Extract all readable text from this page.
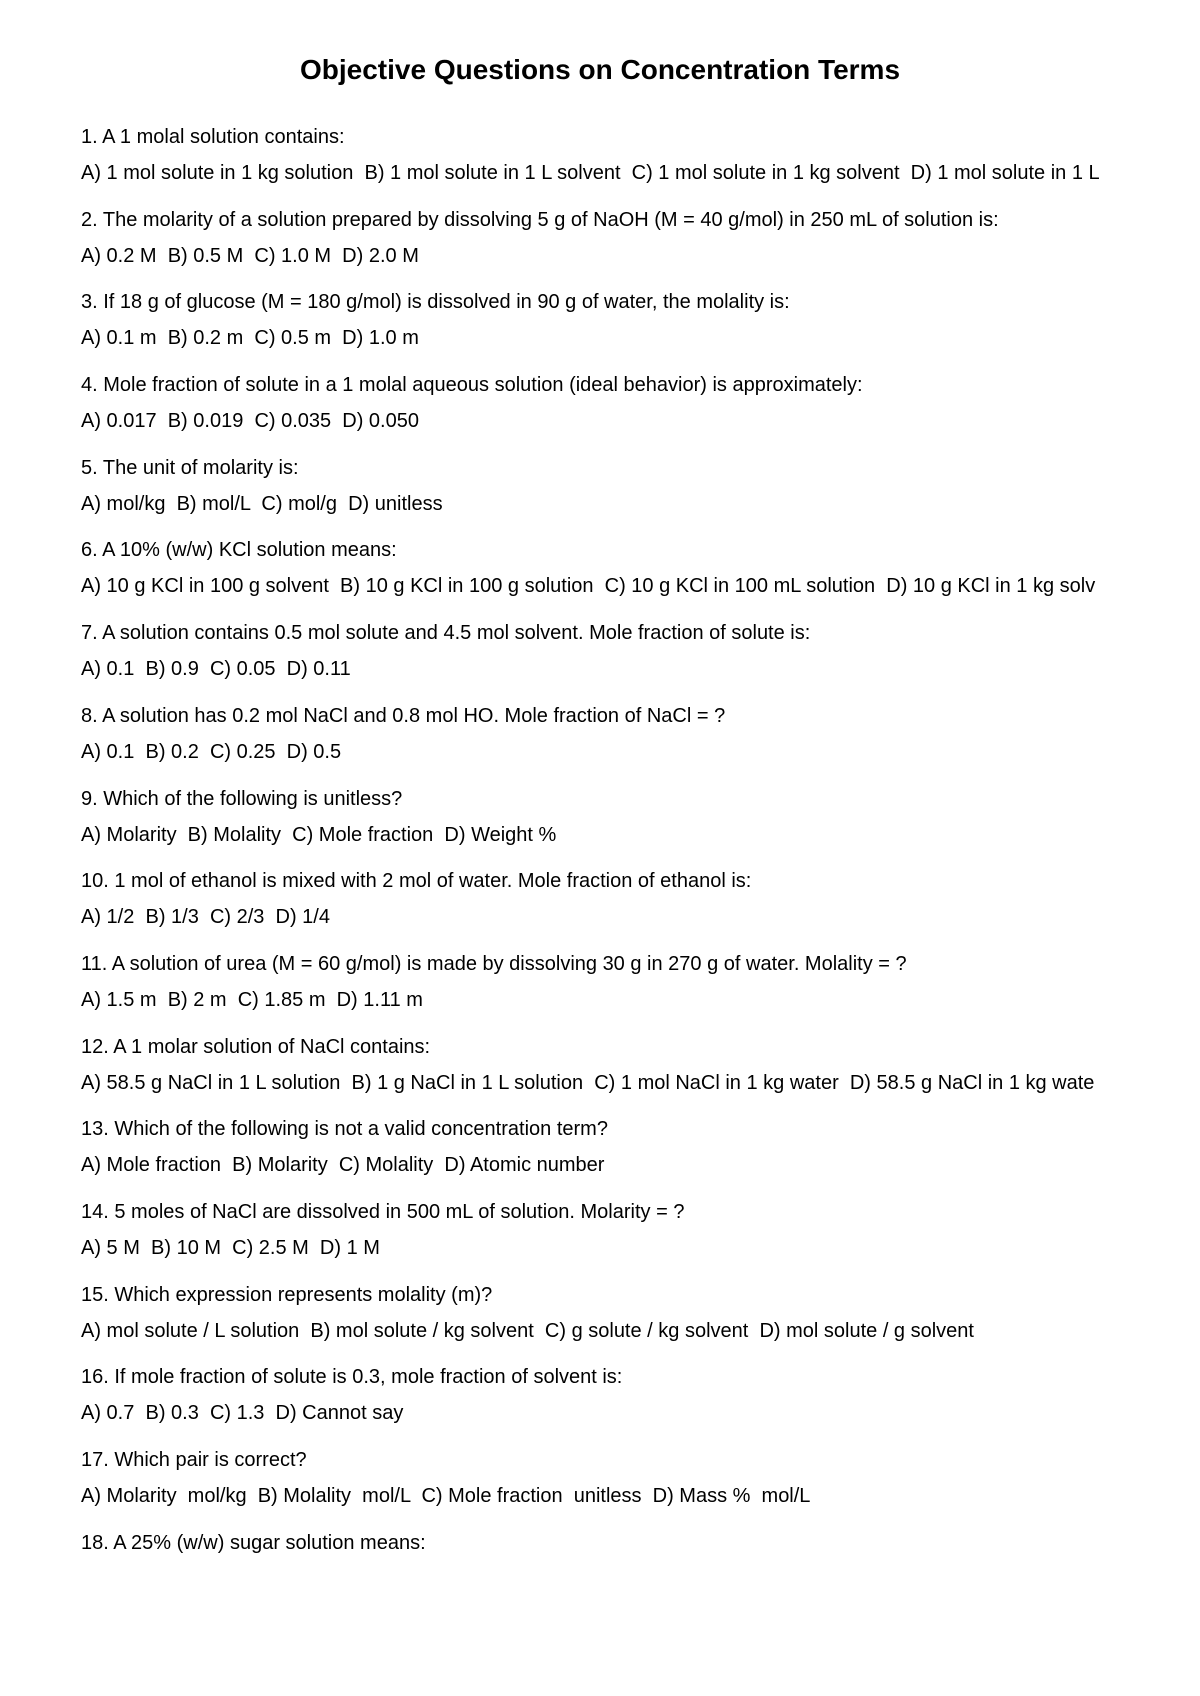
Objective Questions on Concentration Terms
1. A 1 molal solution contains:
A) 1 mol solute in 1 kg solution  B) 1 mol solute in 1 L solvent  C) 1 mol solute in 1 kg solvent  D) 1 mol solute in 1 L
2. The molarity of a solution prepared by dissolving 5 g of NaOH (M = 40 g/mol) in 250 mL of solution is:
A) 0.2 M  B) 0.5 M  C) 1.0 M  D) 2.0 M
3. If 18 g of glucose (M = 180 g/mol) is dissolved in 90 g of water, the molality is:
A) 0.1 m  B) 0.2 m  C) 0.5 m  D) 1.0 m
4. Mole fraction of solute in a 1 molal aqueous solution (ideal behavior) is approximately:
A) 0.017  B) 0.019  C) 0.035  D) 0.050
5. The unit of molarity is:
A) mol/kg  B) mol/L  C) mol/g  D) unitless
6. A 10% (w/w) KCl solution means:
A) 10 g KCl in 100 g solvent  B) 10 g KCl in 100 g solution  C) 10 g KCl in 100 mL solution  D) 10 g KCl in 1 kg solv
7. A solution contains 0.5 mol solute and 4.5 mol solvent. Mole fraction of solute is:
A) 0.1  B) 0.9  C) 0.05  D) 0.11
8. A solution has 0.2 mol NaCl and 0.8 mol HO. Mole fraction of NaCl = ?
A) 0.1  B) 0.2  C) 0.25  D) 0.5
9. Which of the following is unitless?
A) Molarity  B) Molality  C) Mole fraction  D) Weight %
10. 1 mol of ethanol is mixed with 2 mol of water. Mole fraction of ethanol is:
A) 1/2  B) 1/3  C) 2/3  D) 1/4
11. A solution of urea (M = 60 g/mol) is made by dissolving 30 g in 270 g of water. Molality = ?
A) 1.5 m  B) 2 m  C) 1.85 m  D) 1.11 m
12. A 1 molar solution of NaCl contains:
A) 58.5 g NaCl in 1 L solution  B) 1 g NaCl in 1 L solution  C) 1 mol NaCl in 1 kg water  D) 58.5 g NaCl in 1 kg wate
13. Which of the following is not a valid concentration term?
A) Mole fraction  B) Molarity  C) Molality  D) Atomic number
14. 5 moles of NaCl are dissolved in 500 mL of solution. Molarity = ?
A) 5 M  B) 10 M  C) 2.5 M  D) 1 M
15. Which expression represents molality (m)?
A) mol solute / L solution  B) mol solute / kg solvent  C) g solute / kg solvent  D) mol solute / g solvent
16. If mole fraction of solute is 0.3, mole fraction of solvent is:
A) 0.7  B) 0.3  C) 1.3  D) Cannot say
17. Which pair is correct?
A) Molarity  mol/kg  B) Molality  mol/L  C) Mole fraction  unitless  D) Mass %  mol/L
18. A 25% (w/w) sugar solution means:
